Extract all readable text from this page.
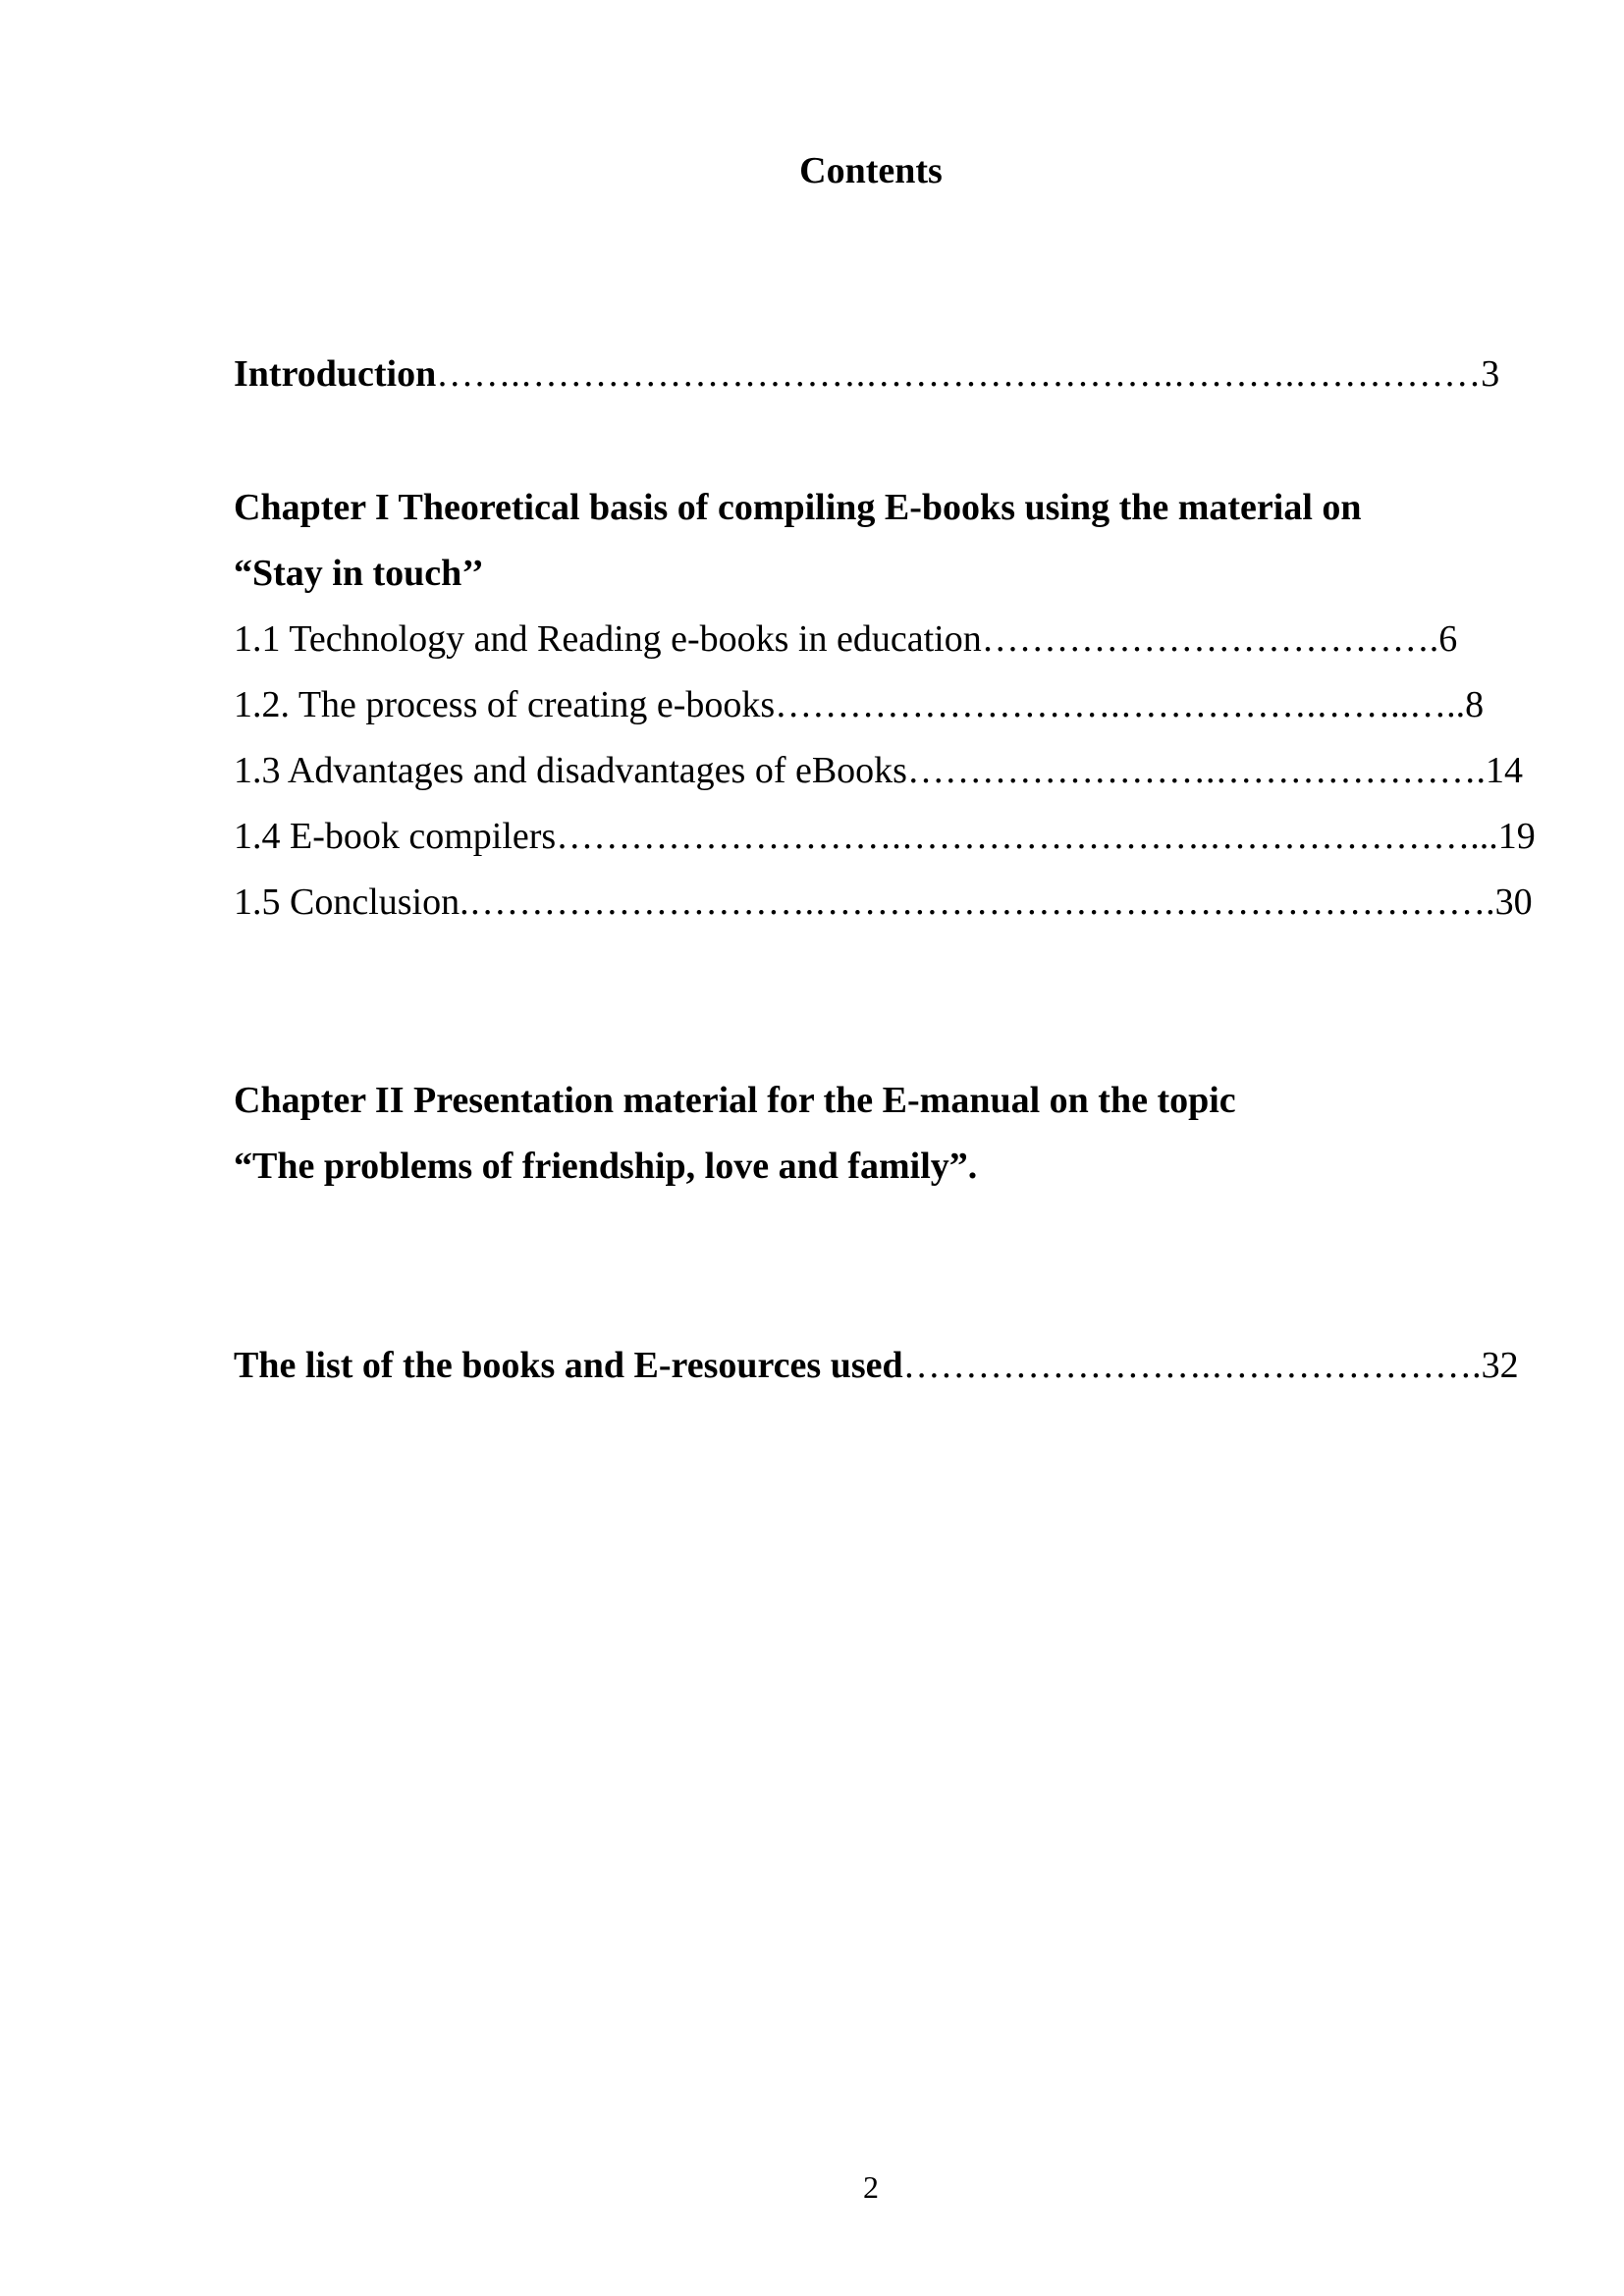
Contents
Introduction…….……………………….…………………….……….……………3
Chapter I Theoretical basis of compiling E-books using the material on
“Stay in touch’’
1.1 Technology and Reading e-books in education……………………………….6
1.2. The process of creating e-books……………………….…………….……..…..8
1.3 Advantages and disadvantages of eBooks…………………….………………….14
1.4 E-book compilers……………………….…………………….…………………...19
1.5 Conclusion.……………………….……………………………………………….30
Chapter II Presentation material for the E-manual on the topic
“The problems of friendship, love and family”.
The list of the books and E-resources used…………………….………………….32
2
